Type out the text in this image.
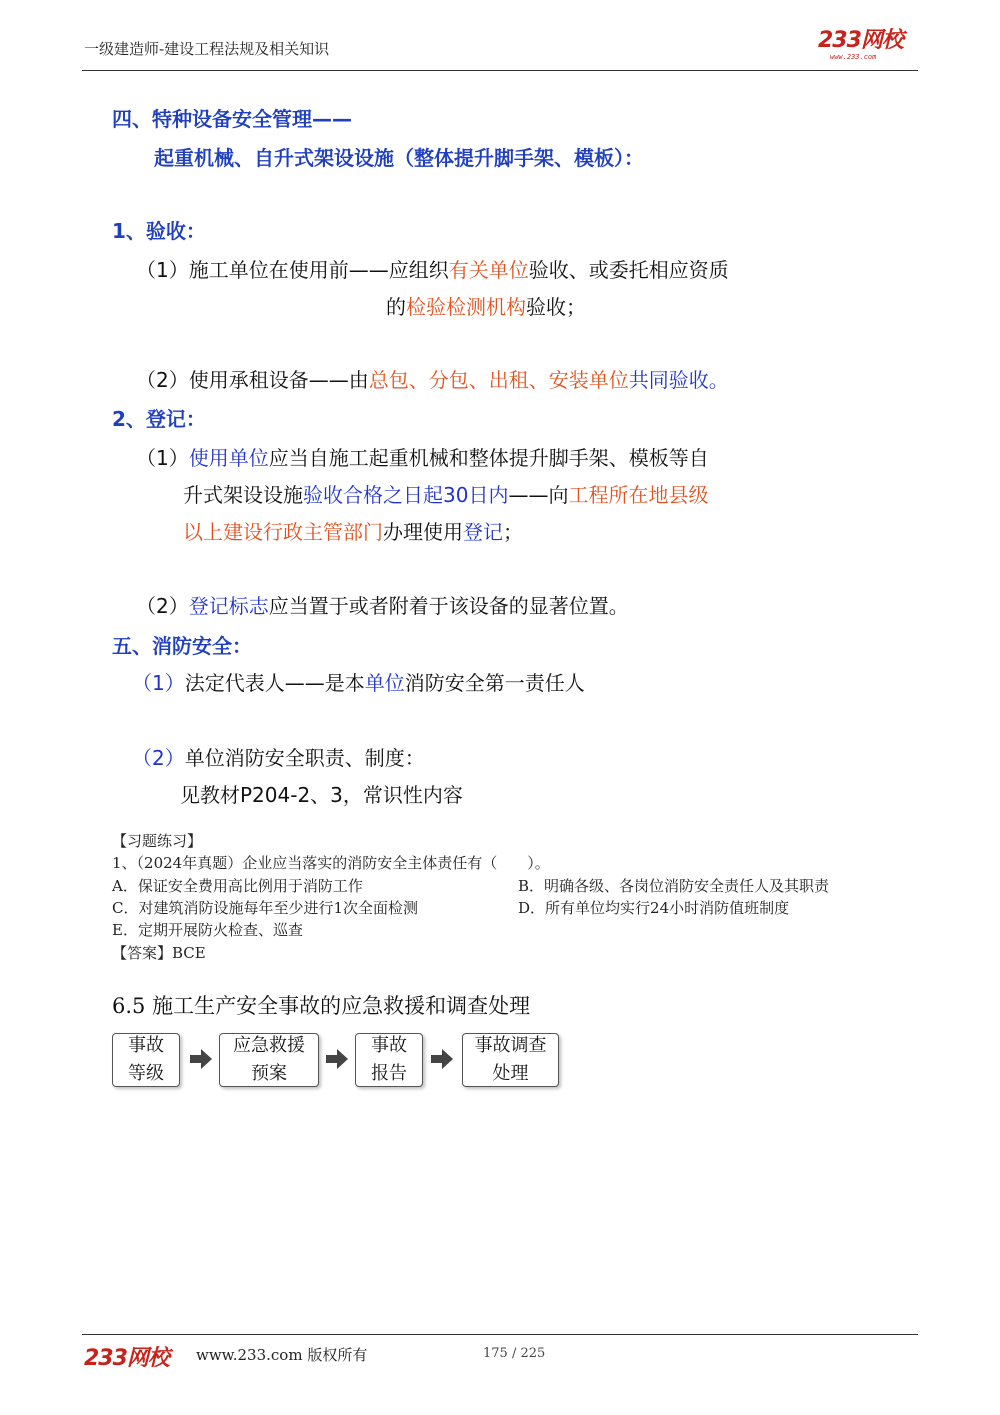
一级建造师-建设工程法规及相关知识	233网校
www.233.com
四、特种设备安全管理——
起重机械、自升式架设设施（整体提升脚手架、模板）：
1、验收：
（1）施工单位在使用前——应组织有关单位验收、或委托相应资质
的检验检测机构验收；
（2）使用承租设备——由总包、分包、出租、安装单位共同验收。
2、登记：
（1）使用单位应当自施工起重机械和整体提升脚手架、模板等自
升式架设设施验收合格之日起30日内——向工程所在地县级
以上建设行政主管部门办理使用登记；
（2）登记标志应当置于或者附着于该设备的显著位置。
五、消防安全：
（1）法定代表人——是本单位消防安全第一责任人
（2）单位消防安全职责、制度：
见教材P204-2、3，常识性内容
【习题练习】
1、（2024年真题）企业应当落实的消防安全主体责任有（　　）。
A．保证安全费用高比例用于消防工作	B．明确各级、各岗位消防安全责任人及其职责
C．对建筑消防设施每年至少进行1次全面检测	D．所有单位均实行24小时消防值班制度
E．定期开展防火检查、巡查
【答案】BCE
6.5 施工生产安全事故的应急救援和调查处理
事故
等级
应急救援
预案
事故
报告
事故调查
处理
233网校 www.233.com 版权所有	175 / 225
